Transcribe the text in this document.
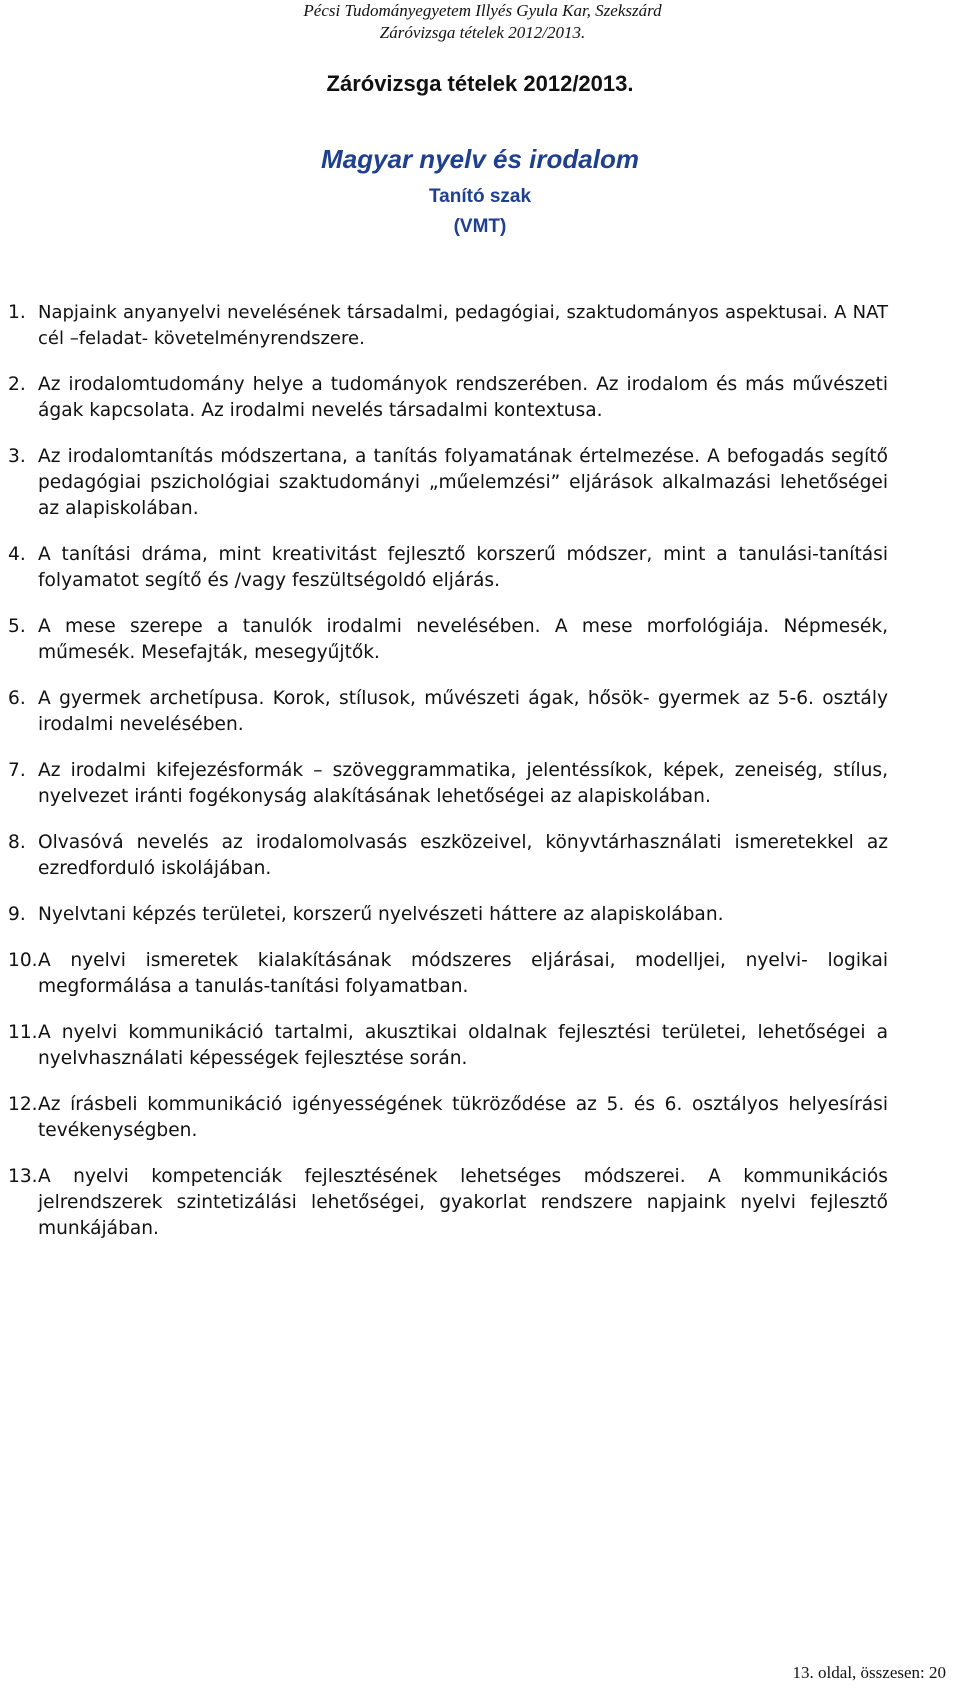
Pécsi Tudományegyetem Illyés Gyula Kar, Szekszárd
Záróvizsga tételek 2012/2013.
Záróvizsga tételek 2012/2013.
Magyar nyelv és irodalom
Tanító szak
(VMT)
1. Napjaink anyanyelvi nevelésének társadalmi, pedagógiai, szaktudományos aspektusai. A NAT cél –feladat- követelményrendszere.
2. Az irodalomtudomány helye a tudományok rendszerében. Az irodalom és más művészeti ágak kapcsolata. Az irodalmi nevelés társadalmi kontextusa.
3. Az irodalomtanítás módszertana, a tanítás folyamatának értelmezése. A befogadás segítő pedagógiai pszichológiai szaktudományi „műelemzési” eljárások alkalmazási lehetőségei az alapiskolában.
4. A tanítási dráma, mint kreativitást fejlesztő korszerű módszer, mint a tanulási-tanítási folyamatot segítő és /vagy feszültségoldó eljárás.
5. A mese szerepe a tanulók irodalmi nevelésében. A mese morfológiája. Népmesék, műmesék. Mesefajták, mesegyűjtők.
6. A gyermek archetípusa. Korok, stílusok, művészeti ágak, hősök- gyermek az 5-6. osztály irodalmi nevelésében.
7. Az irodalmi kifejezésformák – szöveggrammatika, jelentéssíkok, képek, zeneiség, stílus, nyelvezet iránti fogékonyság alakításának lehetőségei az alapiskolában.
8. Olvasóvá nevelés az irodalomolvasás eszközeivel, könyvtárhasználati ismeretekkel az ezredforduló iskolájában.
9. Nyelvtani képzés területei, korszerű nyelvészeti háttere az alapiskolában.
10. A nyelvi ismeretek kialakításának módszeres eljárásai, modelljei, nyelvi- logikai megformálása a tanulás-tanítási folyamatban.
11. A nyelvi kommunikáció tartalmi, akusztikai oldalnak fejlesztési területei, lehetőségei a nyelvhasználati képességek fejlesztése során.
12. Az írásbeli kommunikáció igényességének tükröződése az 5. és 6. osztályos helyesírási tevékenységben.
13. A nyelvi kompetenciák fejlesztésének lehetséges módszerei. A kommunikációs jelrendszerek szintetizálási lehetőségei, gyakorlat rendszere napjaink nyelvi fejlesztő munkájában.
13. oldal, összesen: 20
